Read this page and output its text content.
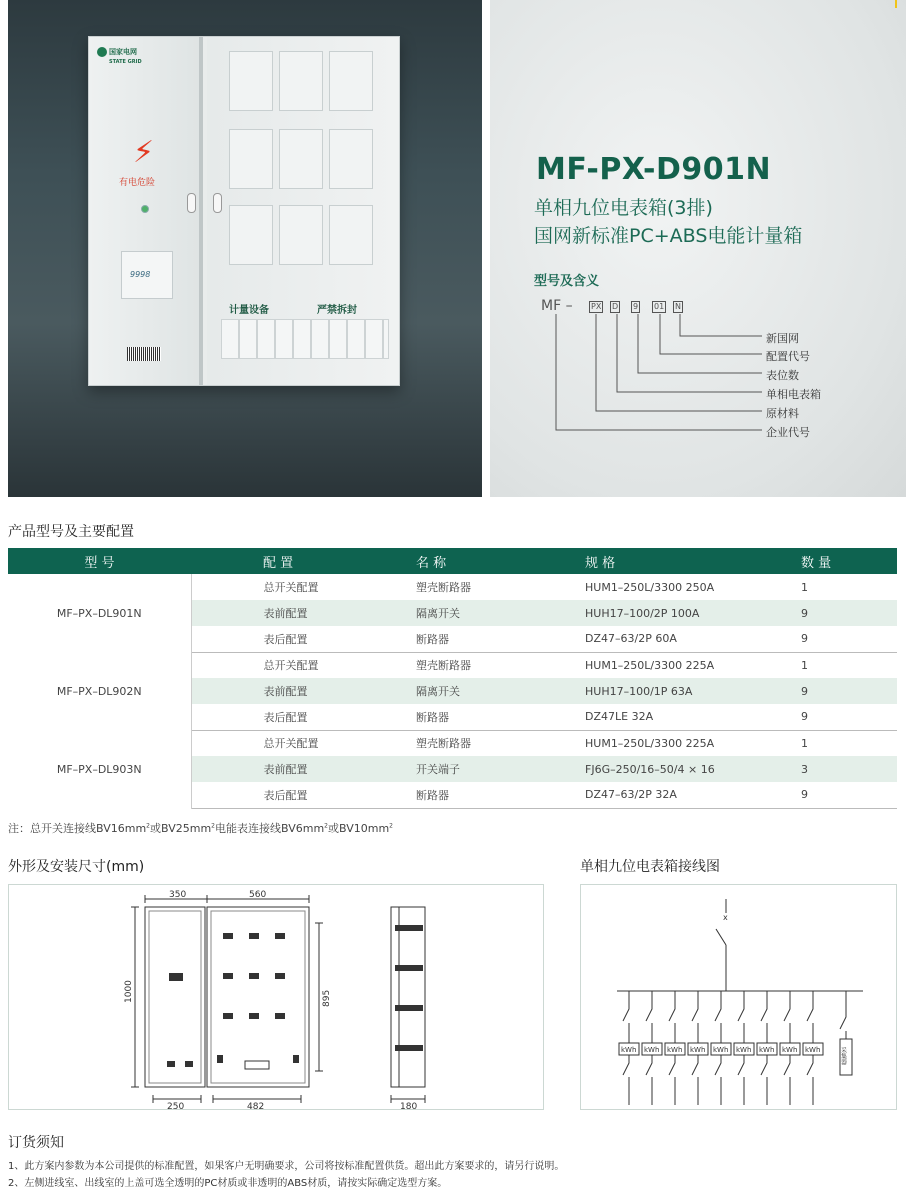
国家电网
STATE GRID
⚡
有电危险
9998
计量设备	严禁拆封
MF-PX-D901N
单相九位电表箱(3排)
国网新标准PC+ABS电能计量箱
型号及含义
MF – PX D 9 01 N
新国网
配置代号
表位数
单相电表箱
原材料
企业代号
产品型号及主要配置
型 号	配 置	名 称	规 格	数 量
MF–PX–DL901N	总开关配置	塑壳断路器	HUM1–250L/3300 250A	1
	表前配置	隔离开关	HUH17–100/2P 100A	9
	表后配置	断路器	DZ47–63/2P 60A	9
MF–PX–DL902N	总开关配置	塑壳断路器	HUM1–250L/3300 225A	1
	表前配置	隔离开关	HUH17–100/1P 63A	9
	表后配置	断路器	DZ47LE 32A	9
MF–PX–DL903N	总开关配置	塑壳断路器	HUM1–250L/3300 225A	1
	表前配置	开关端子	FJ6G–250/16–50/4 × 16	3
	表后配置	断路器	DZ47–63/2P 32A	9
注：总开关连接线$BV16mm^2$或$BV25mm^2$电能表连接线$BV6mm^2$或$BV10mm^2$
外形及安装尺寸(mm)
350	560
1000	895
250	482	180
单相九位电表箱接线图
x
kWh kWh kWh kWh kWh kWh kWh kWh kWh	采集器
订货须知
1、此方案内参数为本公司提供的标准配置，如果客户无明确要求，公司将按标准配置供货。超出此方案要求的，请另行说明。
2、左侧进线室、出线室的上盖可选全透明的PC材质或非透明的ABS材质，请按实际确定选型方案。
